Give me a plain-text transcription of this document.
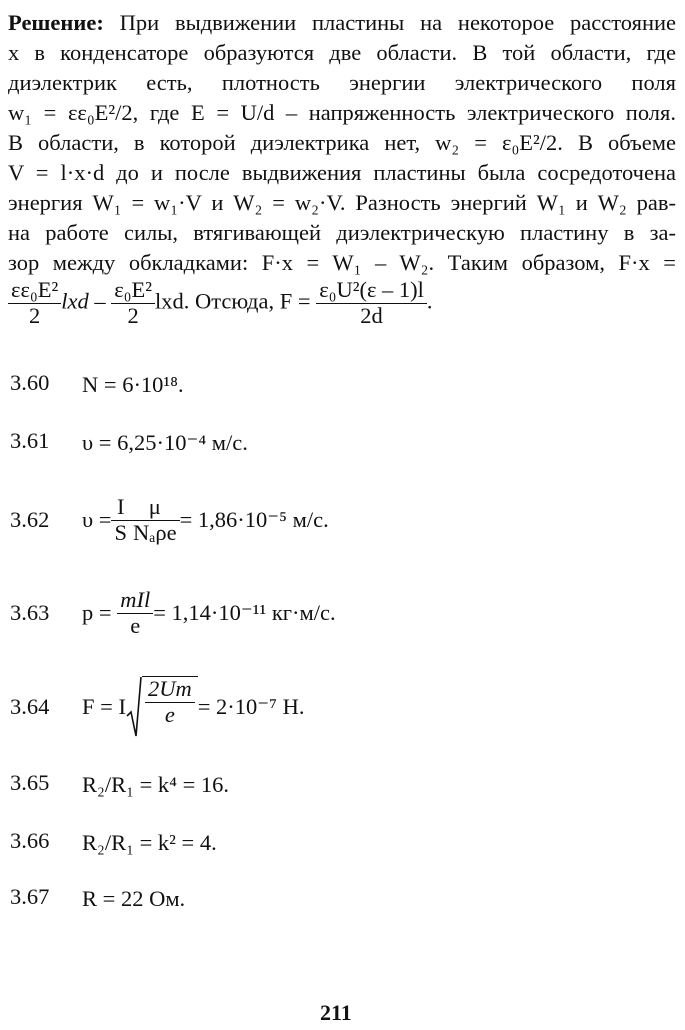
Решение: При выдвижении пластины на некоторое расстояние
x в конденсаторе образуются две области. В той области, где
диэлектрик есть, плотность энергии электрического поля
w₁ = εε₀E²/2, где E = U/d – напряженность электрического поля.
В области, в которой диэлектрика нет, w₂ = ε₀E²/2. В объеме
V = l·x·d до и после выдвижения пластины была сосредоточена
энергия W₁ = w₁·V и W₂ = w₂·V. Разность энергий W₁ и W₂ рав-
на работе силы, втягивающей диэлектрическую пластину в за-
зор между обкладками: F·x = W₁ – W₂. Таким образом, F·x =
$\frac{\text{εε₀E²}}{2}$ lxd – $\frac{\text{ε₀E²}}{2}$ lxd. Отсюда, $F = \frac{\text{ε₀U²(ε – 1)l}}{2d}$ .
3.60 N = 6·10¹⁸.
3.61 υ = 6,25·10⁻⁴ м/с.
3.62	$\upsilon = \frac{I}{S} \frac{\mu}{\text{Nₐρe}} = 1,86\cdot 10^{-5}$ м/с.
3.63	p =
$\frac{\text{mIl}}{e} = 1,14\cdot 10^{-11}$ кг·м/с.
3.64	F = I $\frac{2Um}{e} = 2\cdot 10^{-7}$ Н.
3.65 R₂/R₁ = k⁴ = 16.
3.66 R₂/R₁ = k² = 4.
3.67 R = 22 Ом.
211
